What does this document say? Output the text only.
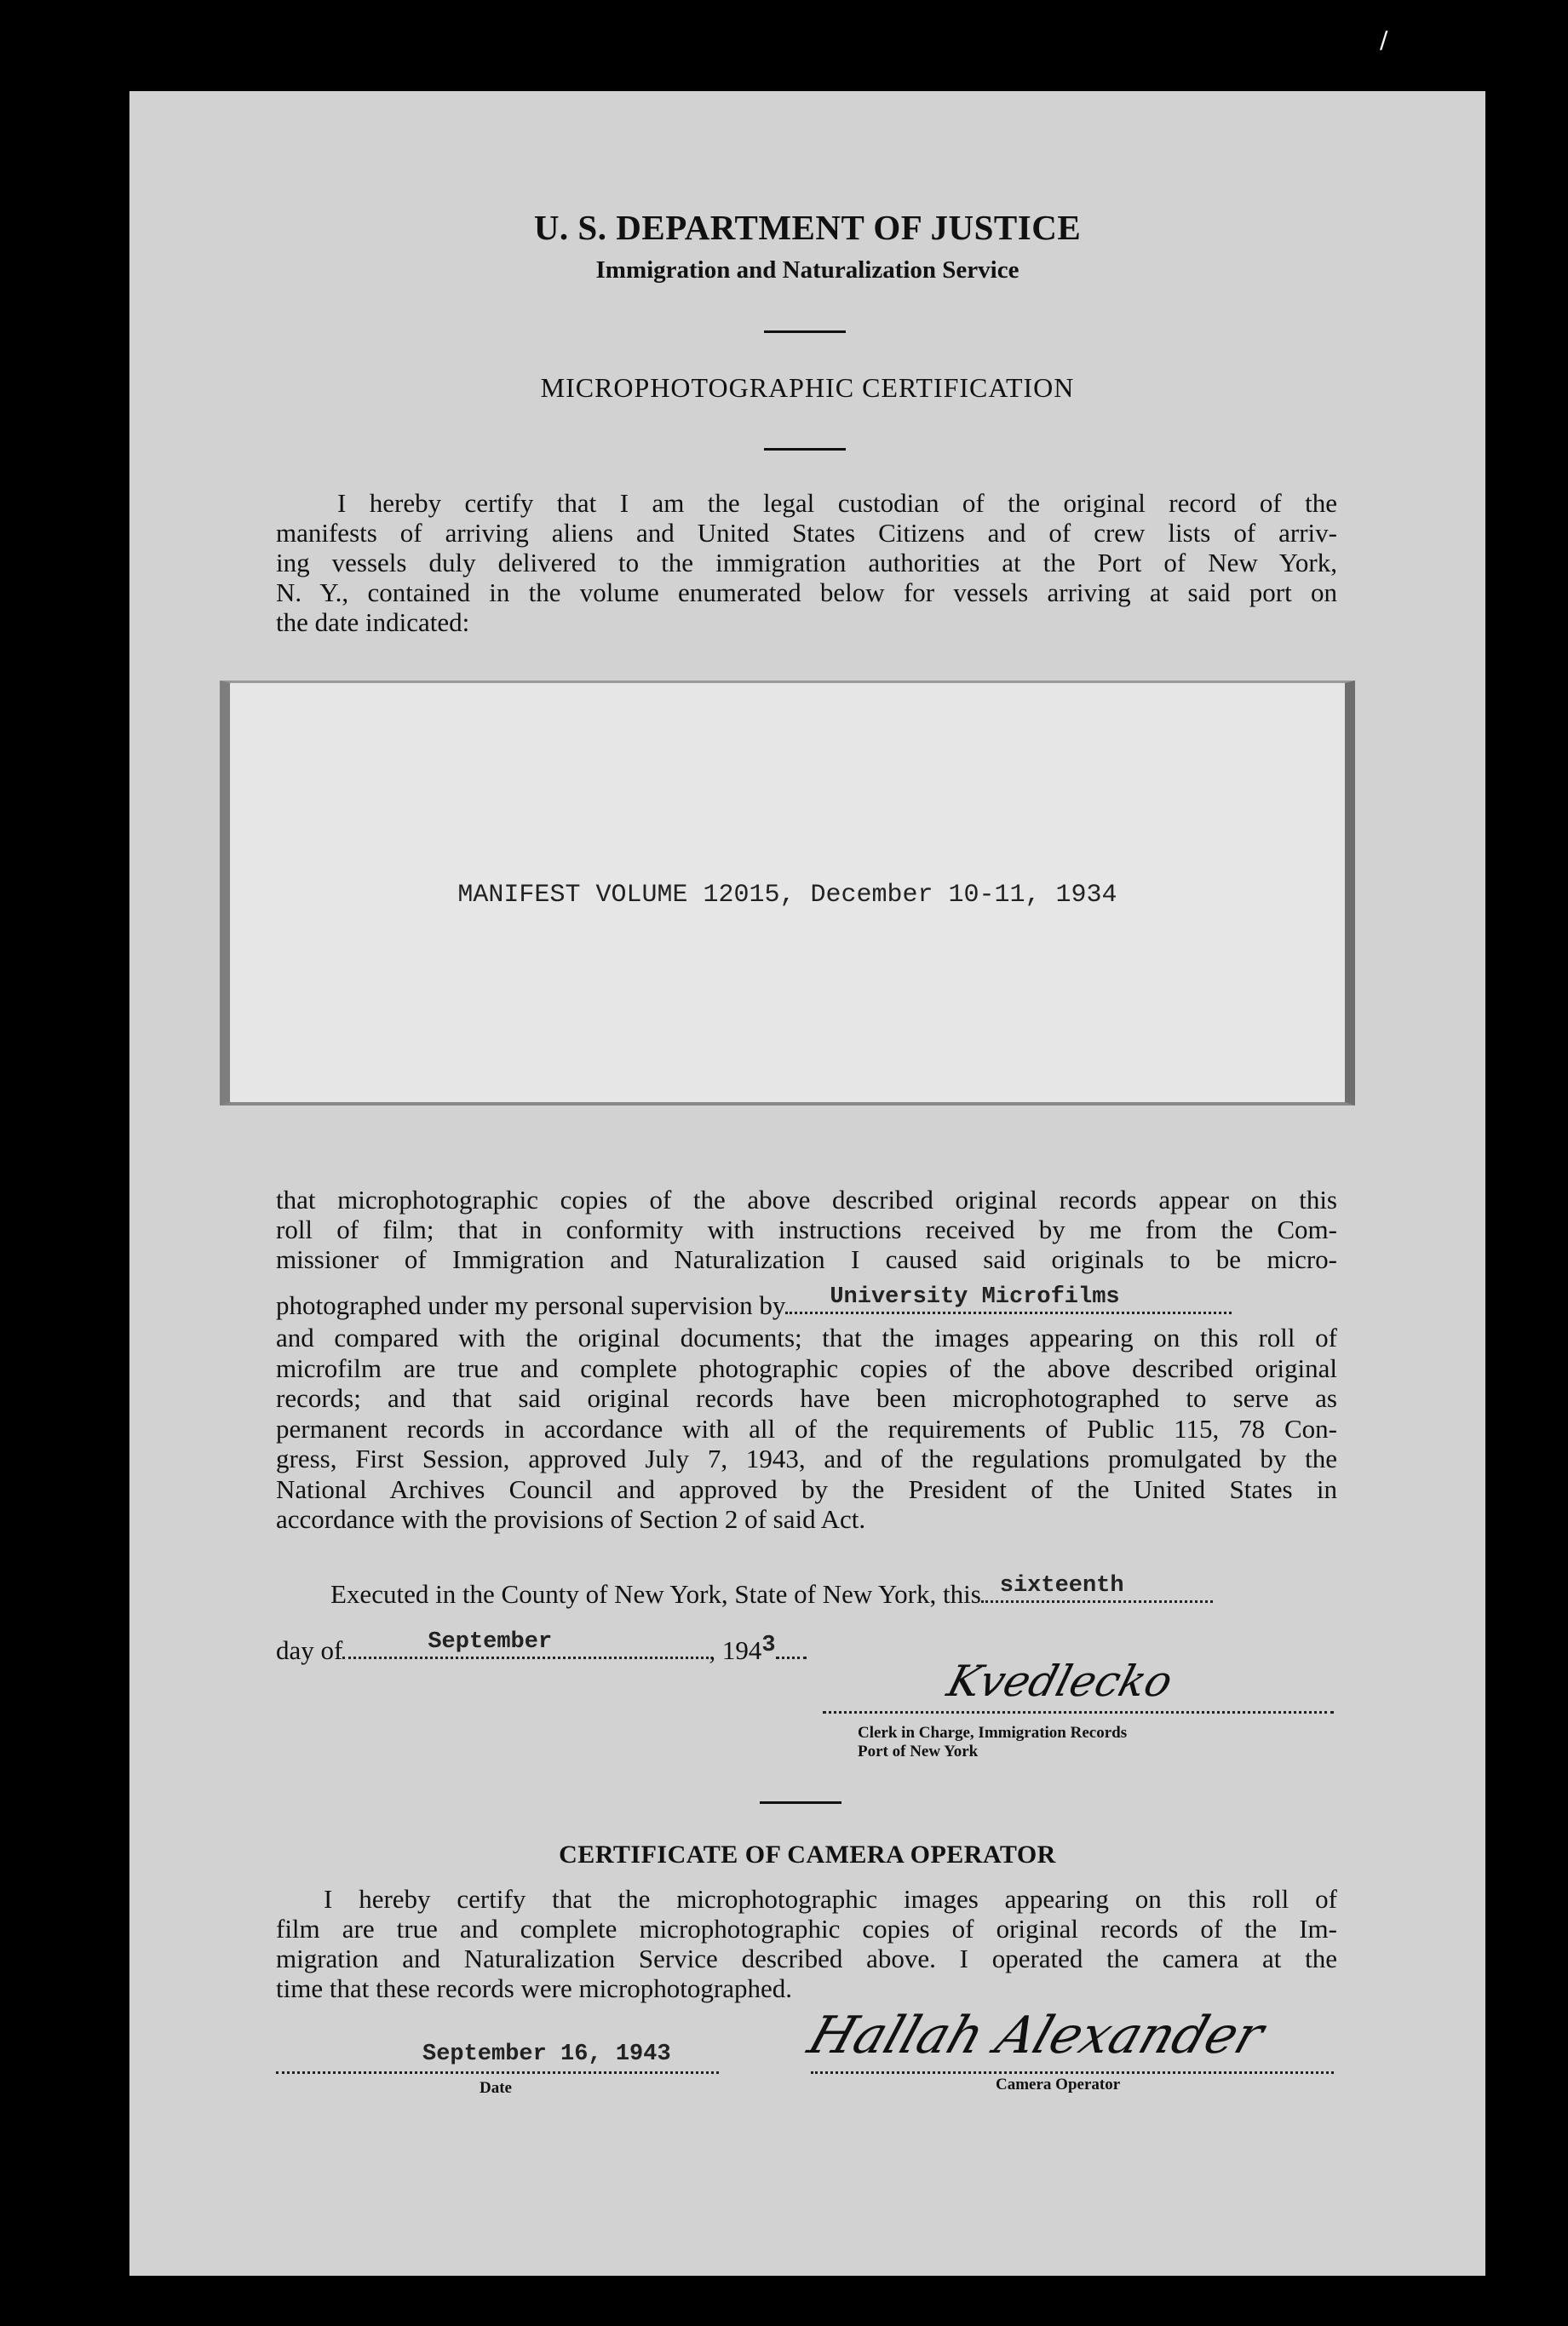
/
U. S. DEPARTMENT OF JUSTICE
Immigration and Naturalization Service
MICROPHOTOGRAPHIC CERTIFICATION
I hereby certify that I am the legal custodian of the original record of the
manifests of arriving aliens and United States Citizens and of crew lists of arriv-
ing vessels duly delivered to the immigration authorities at the Port of New York,
N. Y., contained in the volume enumerated below for vessels arriving at said port on
the date indicated:
MANIFEST VOLUME 12015, December 10-11, 1934
that microphotographic copies of the above described original records appear on this
roll of film; that in conformity with instructions received by me from the Com-
missioner of Immigration and Naturalization I caused said originals to be micro-
photographed under my personal supervision by University Microfilms
and compared with the original documents; that the images appearing on this roll of
microfilm are true and complete photographic copies of the above described original
records; and that said original records have been microphotographed to serve as
permanent records in accordance with all of the requirements of Public 115, 78 Con-
gress, First Session, approved July 7, 1943, and of the regulations promulgated by the
National Archives Council and approved by the President of the United States in
accordance with the provisions of Section 2 of said Act.
Executed in the County of New York, State of New York, this sixteenth
day of	September	, 1943
Kvedlecko
Clerk in Charge, Immigration Records
Port of New York
CERTIFICATE OF CAMERA OPERATOR
I hereby certify that the microphotographic images appearing on this roll of
film are true and complete microphotographic copies of original records of the Im-
migration and Naturalization Service described above. I operated the camera at the
time that these records were microphotographed.
September 16, 1943
Date
Hallah Alexander
Camera Operator
